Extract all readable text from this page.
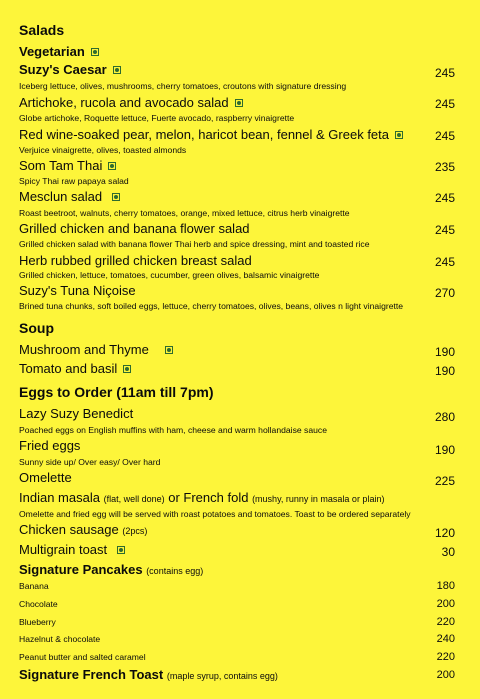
Salads
Vegetarian
Suzy's Caesar
Iceberg lettuce, olives, mushrooms, cherry tomatoes, croutons with signature dressing
245
Artichoke, rucola and avocado salad
Globe artichoke, Roquette lettuce, Fuerte avocado, raspberry vinaigrette
245
Red wine-soaked pear, melon, haricot bean, fennel & Greek feta
Verjuice vinaigrette, olives, toasted almonds
245
Som Tam Thai
Spicy Thai raw papaya salad
235
Mesclun salad
Roast beetroot, walnuts, cherry tomatoes, orange, mixed lettuce, citrus herb vinaigrette
245
Grilled chicken and banana flower salad
Grilled chicken salad with banana flower Thai herb and spice dressing, mint and toasted rice
245
Herb rubbed grilled chicken breast salad
Grilled chicken, lettuce, tomatoes, cucumber, green olives, balsamic vinaigrette
245
Suzy's Tuna Niçoise
Brined tuna chunks, soft boiled eggs, lettuce, cherry tomatoes, olives, beans, olives n light vinaigrette
270
Soup
Mushroom and Thyme	190
Tomato and basil	190
Eggs to Order (11am till 7pm)
Lazy Suzy Benedict
Poached eggs on English muffins with ham, cheese and warm hollandaise sauce
280
Fried eggs
Sunny side up/ Over easy/ Over hard
190
Omelette	225
Indian masala (flat, well done) or French fold (mushy, runny in masala or plain)
Omelette and fried egg will be served with roast potatoes and tomatoes. Toast to be ordered separately
Chicken sausage (2pcs)	120
Multigrain toast	30
Signature Pancakes (contains egg)
Banana	180
Chocolate	200
Blueberry	220
Hazelnut & chocolate	240
Peanut butter and salted caramel	220
Signature French Toast (maple syrup, contains egg)	200
